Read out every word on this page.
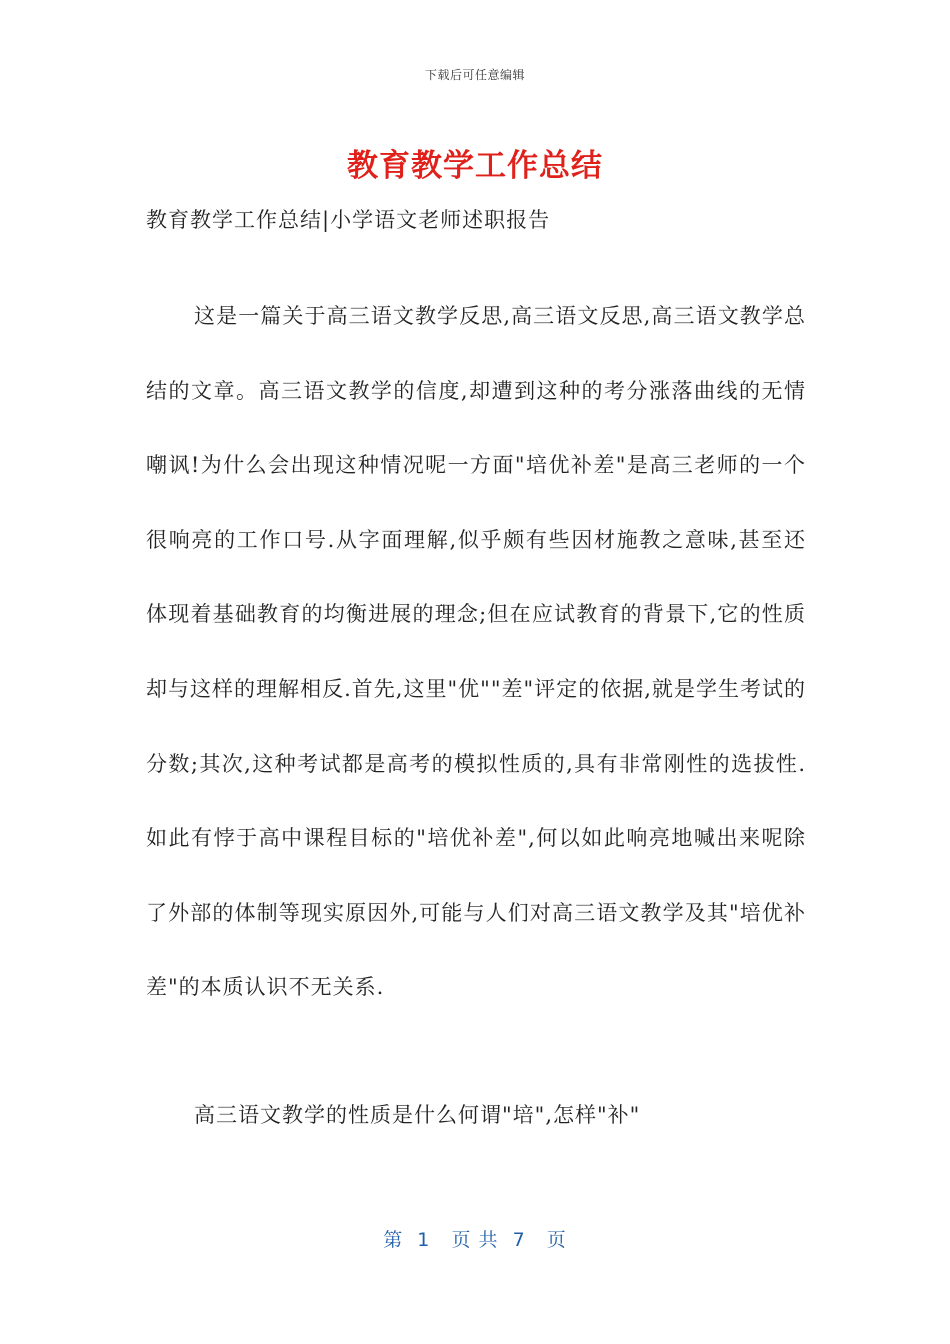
下载后可任意编辑
教育教学工作总结
教育教学工作总结|小学语文老师述职报告
这是一篇关于高三语文教学反思,高三语文反思,高三语文教学总结的文章。高三语文教学的信度,却遭到这种的考分涨落曲线的无情嘲讽!为什么会出现这种情况呢一方面"培优补差"是高三老师的一个很响亮的工作口号.从字面理解,似乎颇有些因材施教之意味,甚至还体现着基础教育的均衡进展的理念;但在应试教育的背景下,它的性质却与这样的理解相反.首先,这里"优""差"评定的依据,就是学生考试的分数;其次,这种考试都是高考的模拟性质的,具有非常刚性的选拔性.如此有悖于高中课程目标的"培优补差",何以如此响亮地喊出来呢除了外部的体制等现实原因外,可能与人们对高三语文教学及其"培优补差"的本质认识不无关系.
高三语文教学的性质是什么何谓"培",怎样"补"
第  1   页 共  7   页
